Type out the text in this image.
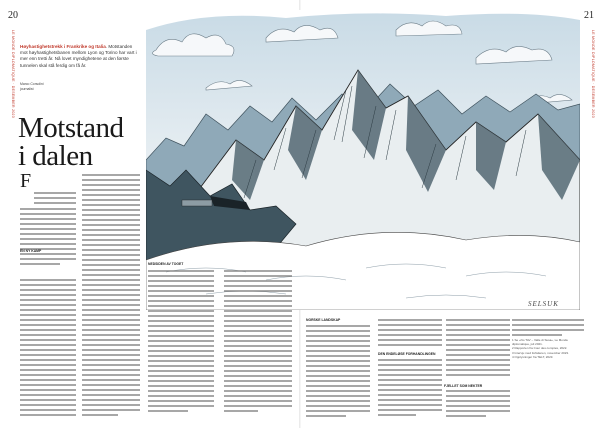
20	21
LE MONDE DIPLOMATIQUE · DESEMBER 2023	LE MONDE DIPLOMATIQUE · DESEMBER 2023
SELSUK
Høyhastighetstrekk i Frankrike og Italia. Motstanden mot høyhastighetsbanen mellom Lyon og Torino har vart i mer enn tretti år. Nå lovet myndighetene at den første tunnelen skal stå ferdig om få år.
Marco Corsolini
journalist
Motstand
i dalen
F
EN NY KAMP
NEDSIDEN AV TOGET
NORSKE LANDSKAP
DEN ENDELØSE FORHANDLINGEN
FJELLET SOM NEKTER
1 Se «No TAV – Valle di Susa», Le Monde diplomatique, juli 2021.
2 Rapporten fra Cour des comptes, 2022.
3 Intervju med forfatteren, november 2023.
4 Opplysninger fra TELT, 2023.
